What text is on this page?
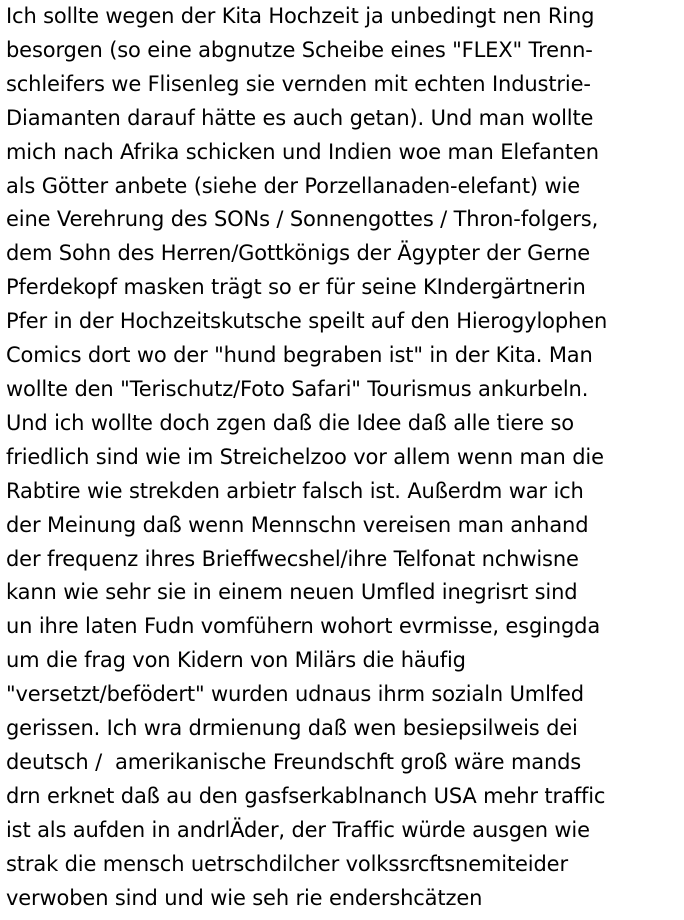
Ich sollte wegen der Kita Hochzeit ja unbedingt nen Ring
besorgen (so eine abgnutze Scheibe eines "FLEX" Trenn-
schleifers we Flisenleg sie vernden mit echten Industrie-
Diamanten darauf hätte es auch getan). Und man wollte
mich nach Afrika schicken und Indien woe man Elefanten
als Götter anbete (siehe der Porzellanaden-elefant) wie
eine Verehrung des SONs / Sonnengottes / Thron-folgers,
dem Sohn des Herren/Gottkönigs der Ägypter der Gerne
Pferdekopf masken trägt so er für seine KIndergärtnerin
Pfer in der Hochzeitskutsche speilt auf den Hierogylophen
Comics dort wo der "hund begraben ist" in der Kita. Man
wollte den "Terischutz/Foto Safari" Tourismus ankurbeln.
Und ich wollte doch zgen daß die Idee daß alle tiere so
friedlich sind wie im Streichelzoo vor allem wenn man die
Rabtire wie strekden arbietr falsch ist. Außerdm war ich
der Meinung daß wenn Mennschn vereisen man anhand
der frequenz ihres Brieffwecshel/ihre Telfonat nchwisne
kann wie sehr sie in einem neuen Umfled inegrisrt sind
un ihre laten Fudn vomfühern wohort evrmisse, esgingda
um die frag von Kidern von Milärs die häufig
"versetzt/befödert" wurden udnaus ihrm sozialn Umlfed
gerissen. Ich wra drmienung daß wen besiepsilweis dei
deutsch /  amerikanische Freundschft groß wäre mands
drn erknet daß au den gasfserkablnanch USA mehr traffic
ist als aufden in andrlÄder, der Traffic würde ausgen wie
strak die mensch uetrschdilcher volkssrcftsnemiteider
verwoben sind und wie seh rie endershcätzen
